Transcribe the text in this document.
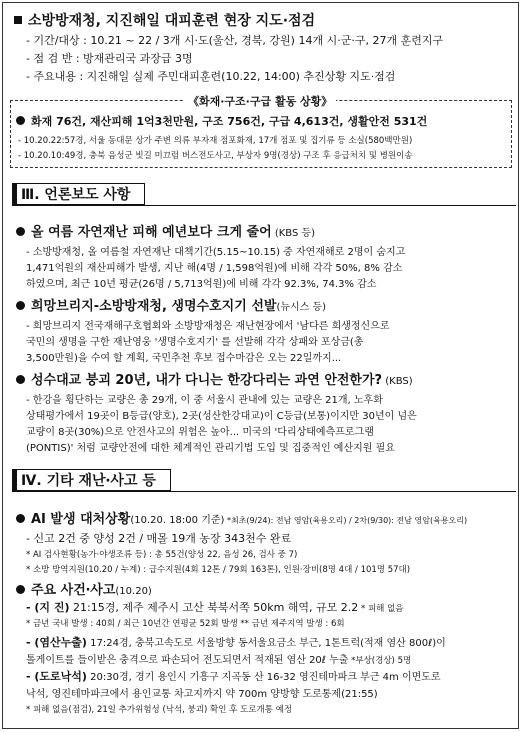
소방방재청, 지진해일 대피훈련 현장 지도·점검
- 기간/대상 : 10.21 ~ 22 / 3개 시‧도(울산, 경북, 강원) 14개 시‧군‧구, 27개 훈련지구
- 점 검 반 : 방재관리국 과장급 3명
- 주요내용 : 지진해일 실제 주민대피훈련(10.22, 14:00) 추진상황 지도‧점검
《화재·구조·구급 활동 상황》
화재 76건, 재산피해 1억3천만원, 구조 756건, 구급 4,613건, 생활안전 531건
- 10.20.22:57경, 서울 동대문 상가 주변 의류 부자재 점포화재, 17개 점포 및 집기류 등 소실(580백만원)
- 10.20.10:49경, 충북 음성군 빗길 미끄럼 버스전도사고, 부상자 9명(경상) 구조 후 응급처치 및 병원이송
Ⅲ. 언론보도 사항
올 여름 자연재난 피해 예년보다 크게 줄어 (KBS 등)
- 소방방재청, 올 여름철 자연재난 대책기간(5.15~10.15) 중 자연재해로 2명이 숨지고
1,471억원의 재산피해가 발생, 지난 해(4명 / 1,598억원)에 비해 각각 50%, 8% 감소
하였으며, 최근 10년 평균(26명 / 5,713억원)에 비해 각각 92.3%, 74.3% 감소
희망브리지-소방방재청, 생명수호지기 선발(뉴시스 등)
- 희망브리지 전국재해구호협회와 소방방재청은 재난현장에서 '남다른 희생정신으로
국민의 생명을 구한 재난영웅 '생명수호지기' 를 선발해 각각 상패와 포상금(총
3,500만원)을 수여 할 계획, 국민추천 후보 접수마감은 오는 22일까지...
성수대교 붕괴 20년, 내가 다니는 한강다리는 과연 안전한가? (KBS)
- 한강을 횡단하는 교량은 총 29개, 이 중 서울시 관내에 있는 교량은 21개, 노후화
상태평가에서 19곳이 B등급(양호), 2곳(성산한강대교)이 C등급(보통)이지만 30년이 넘은
교량이 8곳(30%)으로 안전사고의 위험은 높아... 미국의 '다리상태예측프로그램
(PONTIS)' 처럼 교량안전에 대한 체계적인 관리기법 도입 및 집중적인 예산지원 필요
Ⅳ. 기타 재난‧사고 등
AI 발생 대처상황(10.20. 18:00 기준) *최초(9/24): 전남 영암(육용오리) / 2차(9/30): 전남 영암(육용오리)
- 신고 2건 중 양성 2건 / 매몰 19개 농장 343천수 완료
* AI 검사현황(농가‧야생조류 등) : 총 55건(양성 22, 음성 26, 검사 중 7)
* 소방 방역지원(10.20 / 누계) : 급수지원(4회 12톤 / 79회 163톤), 인원‧장비(8명 4대 / 101명 57대)
주요 사건‧사고(10.20)
- (지 진) 21:15경, 제주 제주시 고산 북북서쪽 50km 해역, 규모 2.2 * 피해 없음
* 금년 국내 발생 : 40회 / 최근 10년간 연평균 52회 발생 ** 금년 제주지역 발생 : 6회
- (염산누출) 17:24경, 충북고속도로 서울방향 동서울요금소 부근, 1톤트럭(적재 염산 800ℓ)이
톨게이트를 들이받은 충격으로 파손되어 전도되면서 적재된 염산 20ℓ 누출 *부상(경상) 5명
- (도로낙석) 20:30경, 경기 용인시 기흥구 지곡동 산 16-32 영진테마파크 부근 4m 이면도로
낙석, 영진테마파크에서 용인교통 차고지까지 약 700m 양방향 도로통제(21:55)
* 피해 없음(점검), 21일 추가위험성 (낙석, 붕괴) 확인 후 도로개통 예정
